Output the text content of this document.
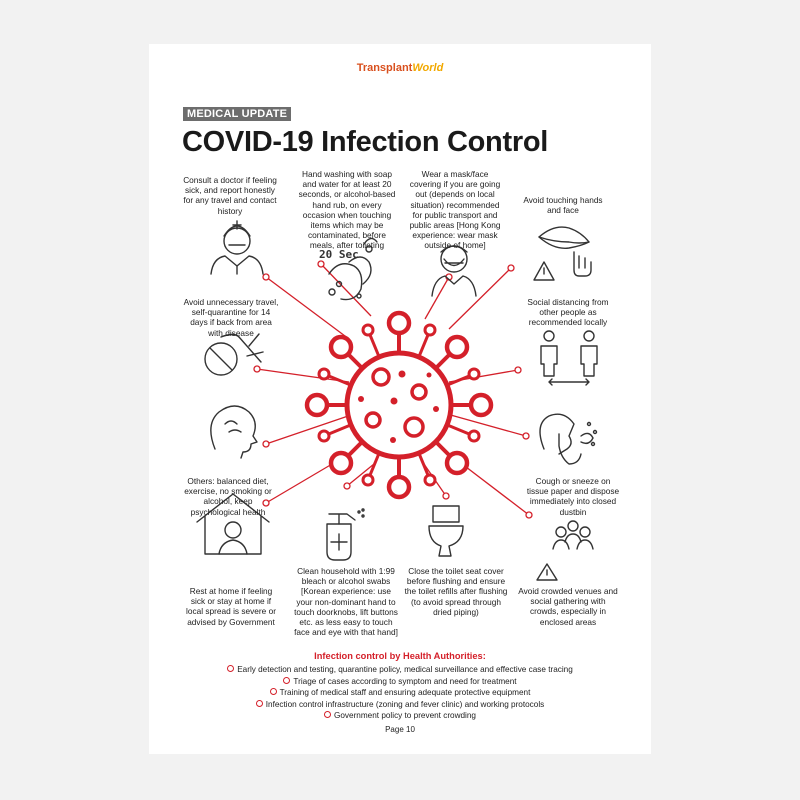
TransplantWorld
MEDICAL UPDATE
COVID-19 Infection Control
20 Sec
Consult a doctor if feeling sick, and report honestly for any travel and contact history
Hand washing with soap and water for at least 20 seconds, or alcohol-based hand rub, on every occasion when touching items which may be contaminated, before meals, after toileting
Wear a mask/face covering if you are going out (depends on local situation) recommended for public transport and public areas [Hong Kong experience: wear mask outside of home]
Avoid touching hands and face
Avoid unnecessary travel, self-quarantine for 14 days if back from area with disease
Social distancing from other people as recommended locally
Others: balanced diet, exercise, no smoking or alcohol, keep psychological health
Cough or sneeze on tissue paper and dispose immediately into closed dustbin
Rest at home if feeling sick or stay at home if local spread is severe or advised by Government
Clean household with 1:99 bleach or alcohol swabs [Korean experience: use your non-dominant hand to touch doorknobs, lift buttons etc. as less easy to touch face and eye with that hand]
Close the toilet seat cover before flushing and ensure the toilet refills after flushing (to avoid spread through dried piping)
Avoid crowded venues and social gathering with crowds, especially in enclosed areas
Infection control by Health Authorities:
Early detection and testing, quarantine policy, medical surveillance and effective case tracing
Triage of cases according to symptom and need for treatment
Training of medical staff and ensuring adequate protective equipment
Infection control infrastructure (zoning and fever clinic) and working protocols
Government policy to prevent crowding
Page 10
